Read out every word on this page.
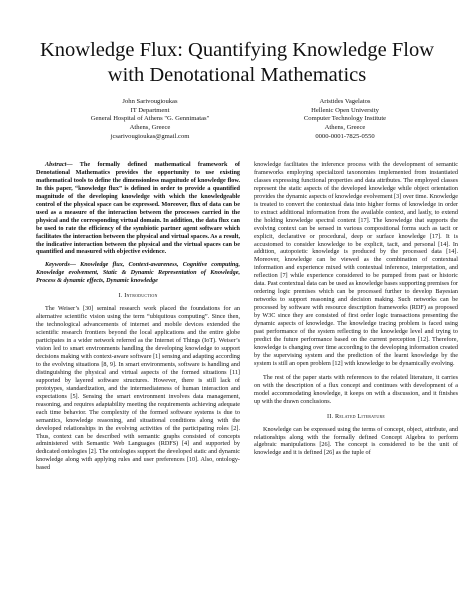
Knowledge Flux: Quantifying Knowledge Flow with Denotational Mathematics
John Sarivougioukas
IT Department
General Hospital of Athens "G. Gennimatas"
Athens, Greece
jcsarivougioukas@gmail.com
Aristides Vagelatos
Hellenic Open University
Computer Technology Institute
Athens, Greece
0000-0001-7825-0550

Abstract— The formally defined mathematical framework of Denotational Mathematics provides the opportunity to use existing mathematical tools to define the dimensionless magnitude of knowledge flow. In this paper, “knowledge flux” is defined in order to provide a quantified magnitude of the developing knowledge with which the knowledgeable control of the physical space can be expressed. Moreover, flux of data can be used as a measure of the interaction between the processes carried in the physical and the corresponding virtual domain. In addition, the data flux can be used to rate the efficiency of the symbiotic partner agent software which facilitates the interaction between the physical and virtual spaces. As a result, the indicative interaction between the physical and the virtual spaces can be quantified and measured with objective evidence.

Keywords— Knowledge flux, Context-awareness, Cognitive computing, Knowledge evolvement, Static & Dynamic Representation of Knowledge, Process & dynamic effects, Dynamic knowledge

I. Introduction

The Weiser’s [30] seminal research work placed the foundations for an alternative scientific vision using the term “ubiquitous computing”. Since then, the technological advancements of internet and mobile devices extended the scientific research frontiers beyond the local applications and the entire globe participates in a wider network referred as the Internet of Things (IoT). Weiser’s vision led to smart environments handling the developing knowledge to support decisions making with context-aware software [1] sensing and adapting according to the evolving situations [8, 9]. In smart environments, software is handling and distinguishing the physical and virtual aspects of the formed situations [11] supported by layered software structures. However, there is still lack of prototypes, standardization, and the intermediateness of human interaction and expectations [5]. Sensing the smart environment involves data management, reasoning, and requires adaptability meeting the requirements achieving adequate each time behavior. The complexity of the formed software systems is due to semantics, knowledge reasoning, and situational conditions along with the developed relationships in the evolving activities of the participating roles [2]. Thus, context can be described with semantic graphs consisted of concepts administered with Semantic Web Languages (RDFS) [4] and supported by dedicated ontologies [2]. The ontologies support the developed static and dynamic knowledge along with applying rules and user preferences [10]. Also, ontology-based

knowledge facilitates the inference process with the development of semantic frameworks employing specialized taxonomies implemented from instantiated classes expressing functional properties and data attributes. The employed classes represent the static aspects of the developed knowledge while object orientation provides the dynamic aspects of knowledge evolvement [3] over time. Knowledge is treated to convert the contextual data into higher forms of knowledge in order to extract additional information from the available context, and lastly, to extend the holding knowledge spectral content [17]. The knowledge that supports the evolving context can be sensed in various compositional forms such as tacit or explicit, declarative or procedural, deep or surface knowledge [17]. It is accustomed to consider knowledge to be explicit, tacit, and personal [14]. In addition, autopoietic knowledge is produced by the processed data [14]. Moreover, knowledge can be viewed as the combination of contextual information and experience mixed with contextual inference, interpretation, and reflection [7] while experience considered to be pumped from past or historic data. Past contextual data can be used as knowledge bases supporting premises for ordering logic premises which can be processed further to develop Bayesian networks to support reasoning and decision making. Such networks can be processed by software with resource description frameworks (RDF) as proposed by W3C since they are consisted of first order logic transactions presenting the dynamic aspects of knowledge. The knowledge tracing problem is faced using past performance of the system reflecting to the knowledge level and trying to predict the future performance based on the current perception [12]. Therefore, knowledge is changing over time according to the developing information created by the supervising system and the prediction of the learnt knowledge by the system is still an open problem [12] with knowledge to be dynamically evolving.

The rest of the paper starts with references to the related literature, it carries on with the description of a flux concept and continues with development of a model accommodating knowledge, it keeps on with a discussion, and it finishes up with the drawn conclusions.

II. Related Literature

Knowledge can be expressed using the terms of concept, object, attribute, and relationships along with the formally defined Concept Algebra to perform algebraic manipulations [26]. The concept is considered to be the unit of knowledge and it is defined [26] as the tuple of
